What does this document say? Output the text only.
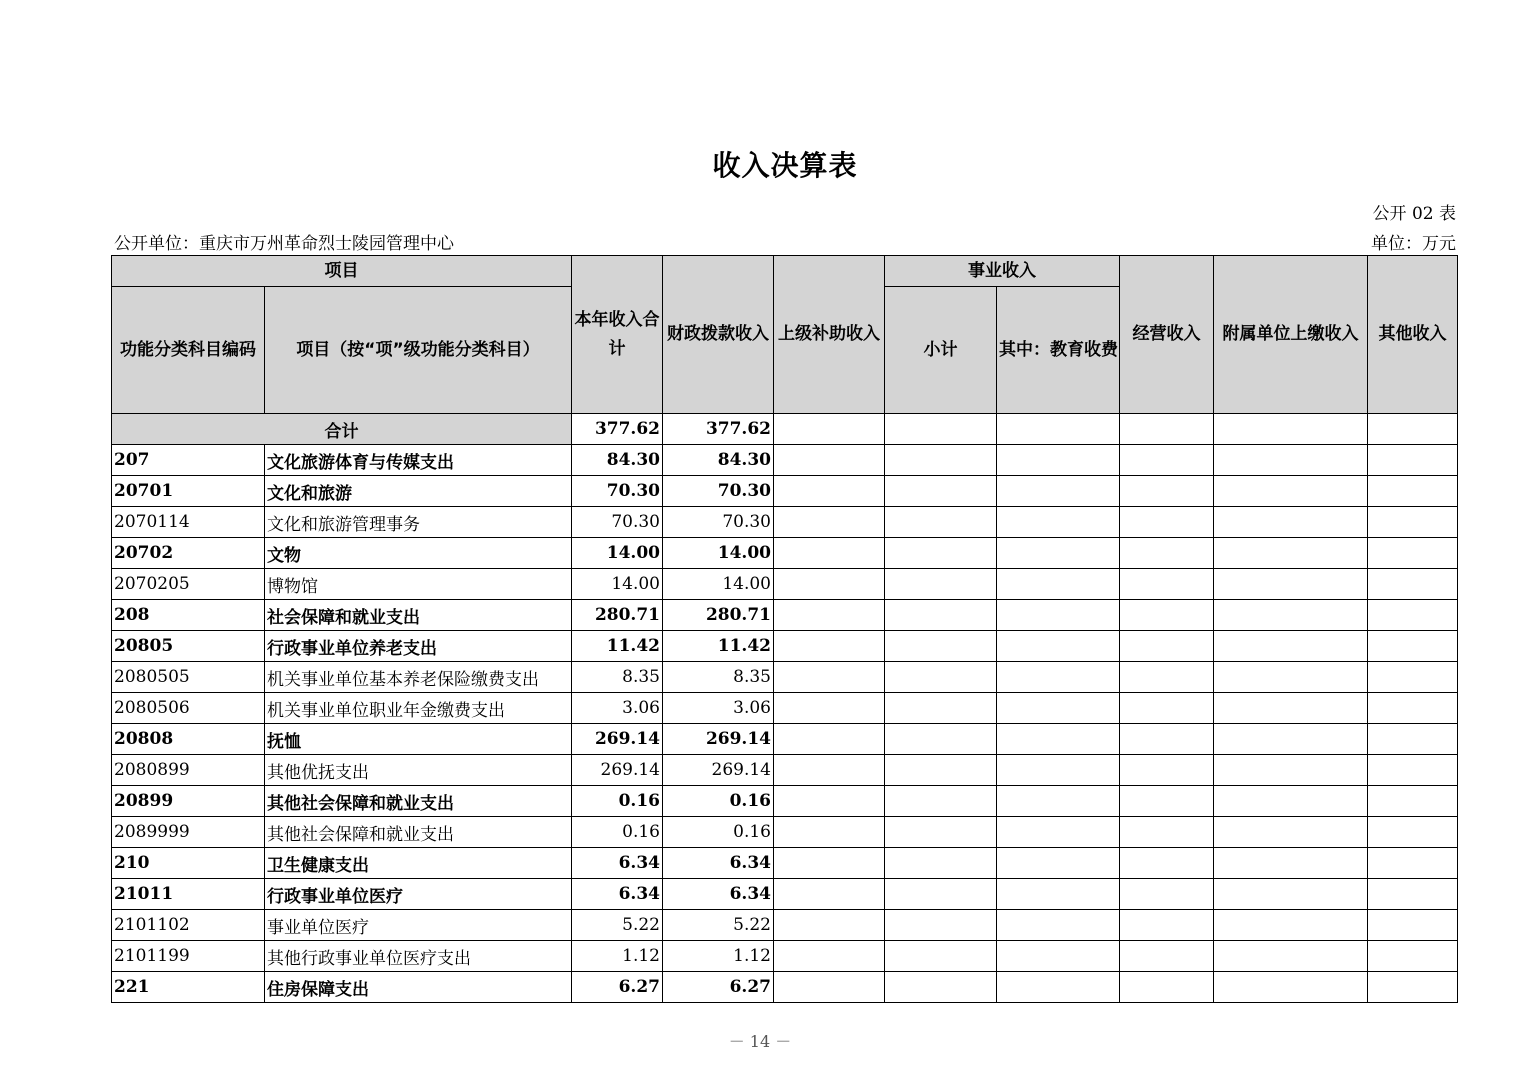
收入决算表
公开 02 表
公开单位：重庆市万州革命烈士陵园管理中心	单位：万元
项目		本年收入合计	财政拨款收入	上级补助收入	事业收入		经营收入	附属单位上缴收入	其他收入
功能分类科目编码	项目（按“项”级功能分类科目）				小计	其中：教育收费			
合计		377.62	377.62						
207	文化旅游体育与传媒支出	84.30	84.30						
20701	文化和旅游	70.30	70.30						
2070114	文化和旅游管理事务	70.30	70.30						
20702	文物	14.00	14.00						
2070205	博物馆	14.00	14.00						
208	社会保障和就业支出	280.71	280.71						
20805	行政事业单位养老支出	11.42	11.42						
2080505	机关事业单位基本养老保险缴费支出	8.35	8.35						
2080506	机关事业单位职业年金缴费支出	3.06	3.06						
20808	抚恤	269.14	269.14						
2080899	其他优抚支出	269.14	269.14						
20899	其他社会保障和就业支出	0.16	0.16						
2089999	其他社会保障和就业支出	0.16	0.16						
210	卫生健康支出	6.34	6.34						
21011	行政事业单位医疗	6.34	6.34						
2101102	事业单位医疗	5.22	5.22						
2101199	其他行政事业单位医疗支出	1.12	1.12						
221	住房保障支出	6.27	6.27						
－ 14 －
